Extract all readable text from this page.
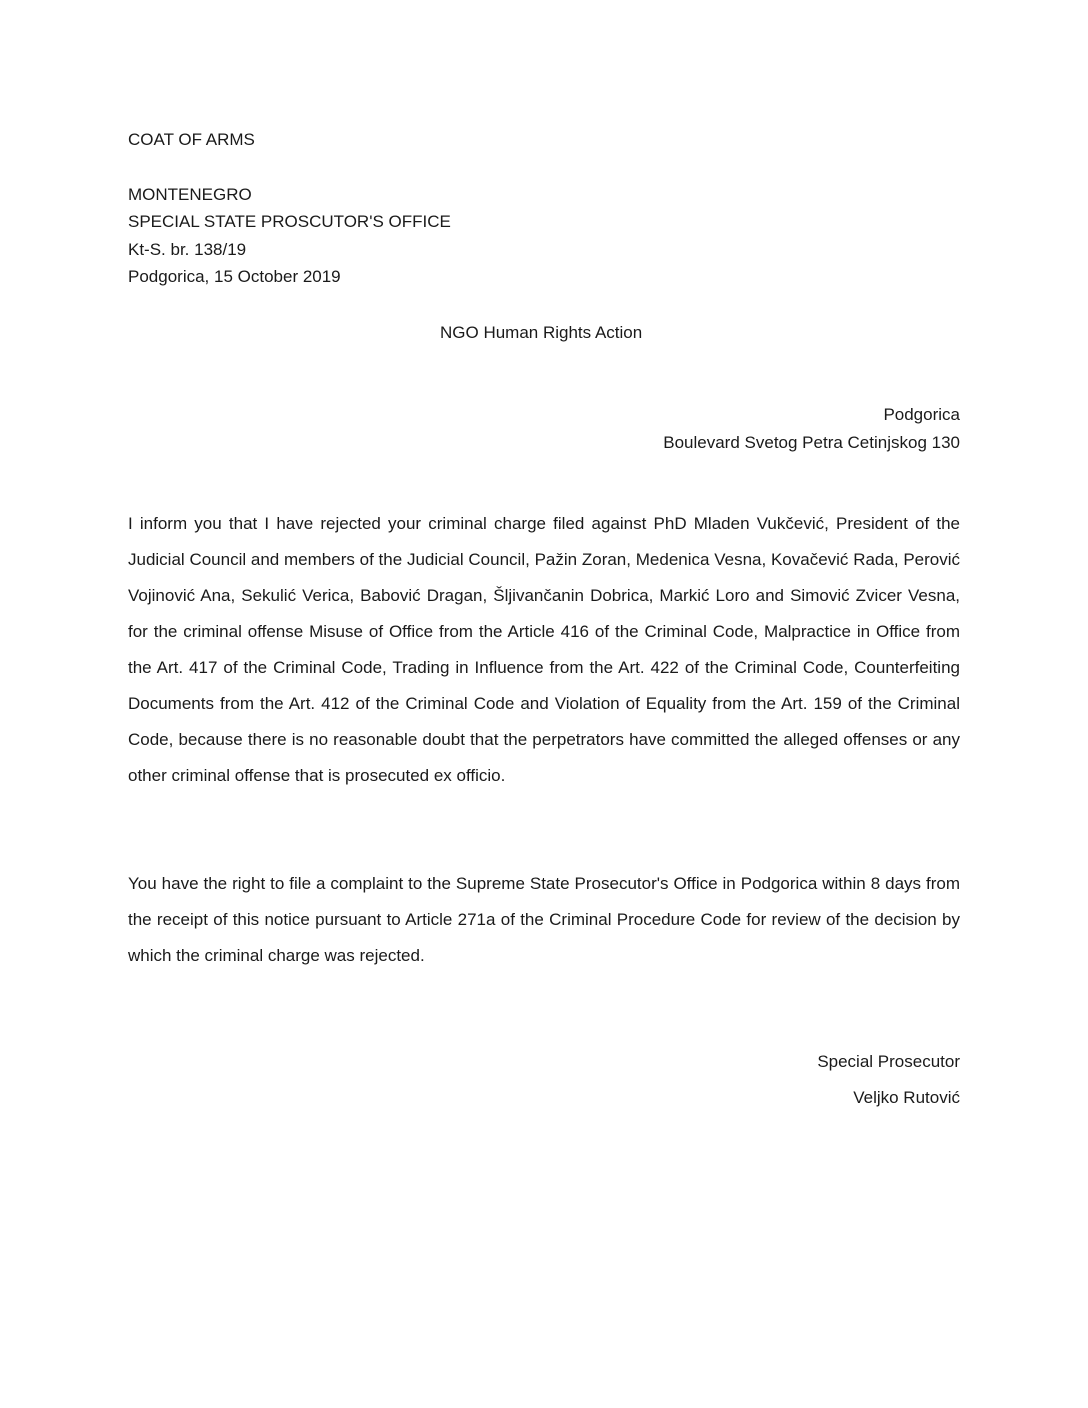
COAT OF ARMS
MONTENEGRO
SPECIAL STATE PROSCUTOR'S OFFICE
Kt-S. br. 138/19
Podgorica, 15 October 2019
NGO Human Rights Action
Podgorica
Boulevard Svetog Petra Cetinjskog 130

I inform you that I have rejected your criminal charge filed against PhD Mladen Vukčević, President of the Judicial Council and members of the Judicial Council, Pažin Zoran, Medenica Vesna, Kovačević Rada, Perović Vojinović Ana, Sekulić Verica, Babović Dragan, Šljivančanin Dobrica, Markić Loro and Simović Zvicer Vesna, for the criminal offense Misuse of Office from the Article 416 of the Criminal Code, Malpractice in Office from the Art. 417 of the Criminal Code, Trading in Influence from the Art. 422 of the Criminal Code, Counterfeiting Documents from the Art. 412 of the Criminal Code and Violation of Equality from the Art. 159 of the Criminal Code, because there is no reasonable doubt that the perpetrators have committed the alleged offenses or any other criminal offense that is prosecuted ex officio.

You have the right to file a complaint to the Supreme State Prosecutor's Office in Podgorica within 8 days from the receipt of this notice pursuant to Article 271a of the Criminal Procedure Code for review of the decision by which the criminal charge was rejected.

Special Prosecutor
Veljko Rutović
